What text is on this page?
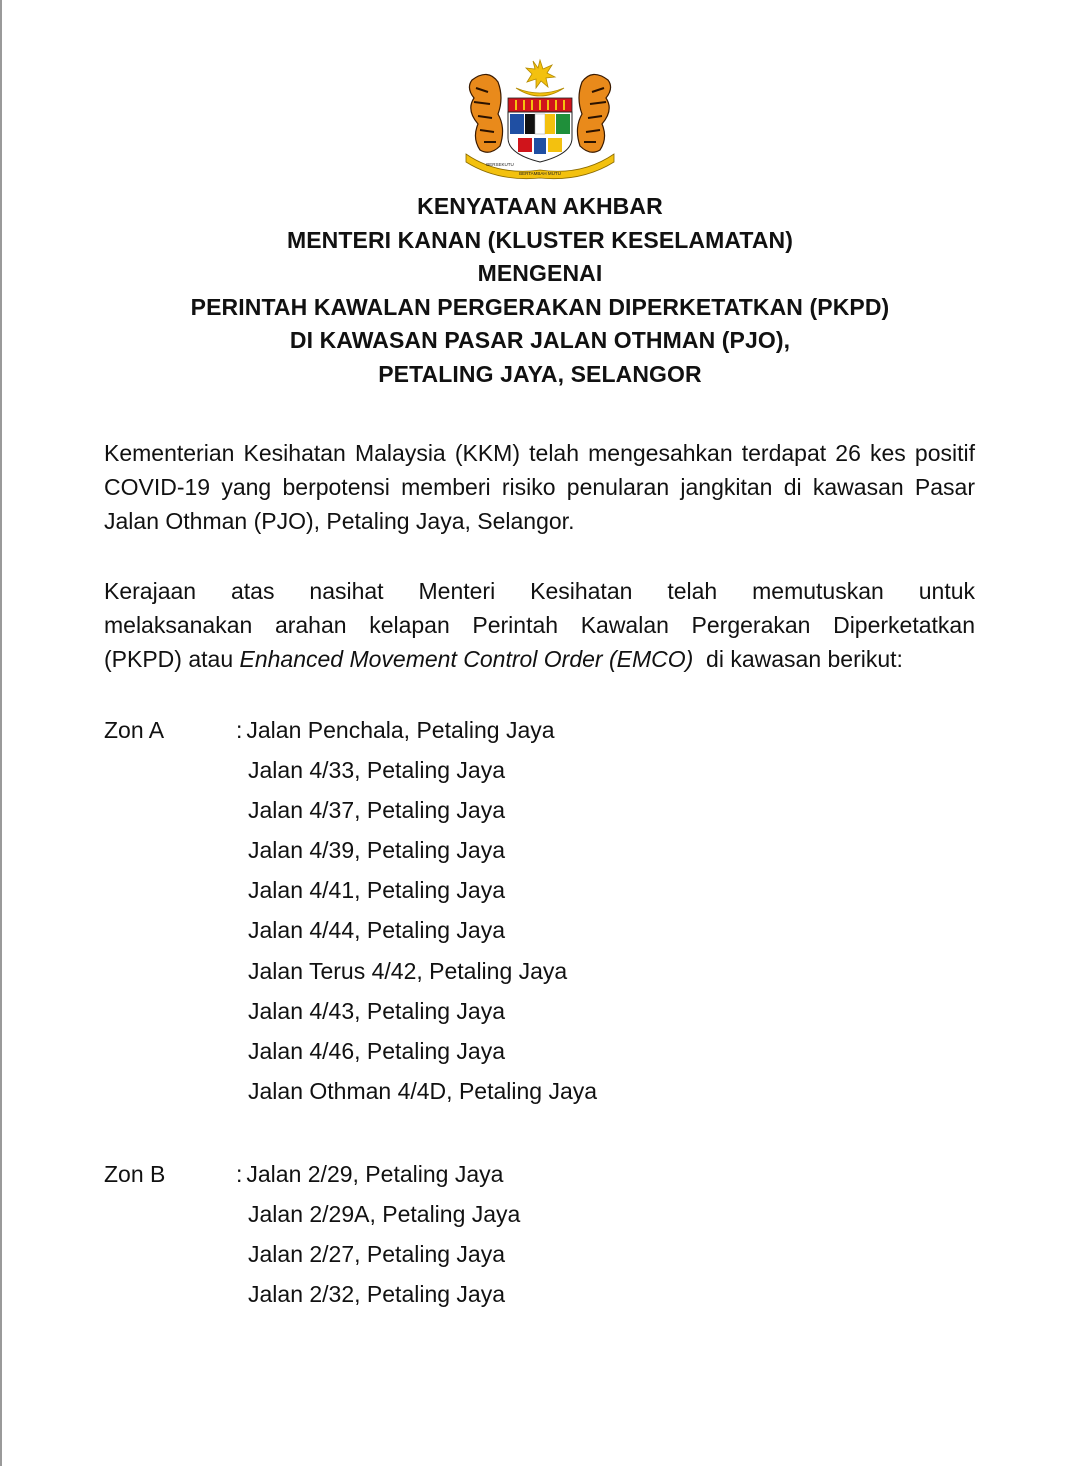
BERSEKUTU
BERTAMBAH MUTU
KENYATAAN AKHBAR
MENTERI KANAN (KLUSTER KESELAMATAN)
MENGENAI
PERINTAH KAWALAN PERGERAKAN DIPERKETATKAN (PKPD)
DI KAWASAN PASAR JALAN OTHMAN (PJO),
PETALING JAYA, SELANGOR

Kementerian Kesihatan Malaysia (KKM) telah mengesahkan terdapat 26 kes positif COVID-19 yang berpotensi memberi risiko penularan jangkitan di kawasan Pasar Jalan Othman (PJO), Petaling Jaya, Selangor.

Kerajaan atas nasihat Menteri Kesihatan telah memutuskan untuk
melaksanakan arahan kelapan Perintah Kawalan Pergerakan Diperketatkan
(PKPD) atau Enhanced Movement Control Order (EMCO)  di kawasan berikut:
Zon A	: Jalan Penchala, Petaling Jaya
Jalan 4/33, Petaling Jaya
Jalan 4/37, Petaling Jaya
Jalan 4/39, Petaling Jaya
Jalan 4/41, Petaling Jaya
Jalan 4/44, Petaling Jaya
Jalan Terus 4/42, Petaling Jaya
Jalan 4/43, Petaling Jaya
Jalan 4/46, Petaling Jaya
Jalan Othman 4/4D, Petaling Jaya
Zon B	: Jalan 2/29, Petaling Jaya
Jalan 2/29A, Petaling Jaya
Jalan 2/27, Petaling Jaya
Jalan 2/32, Petaling Jaya
